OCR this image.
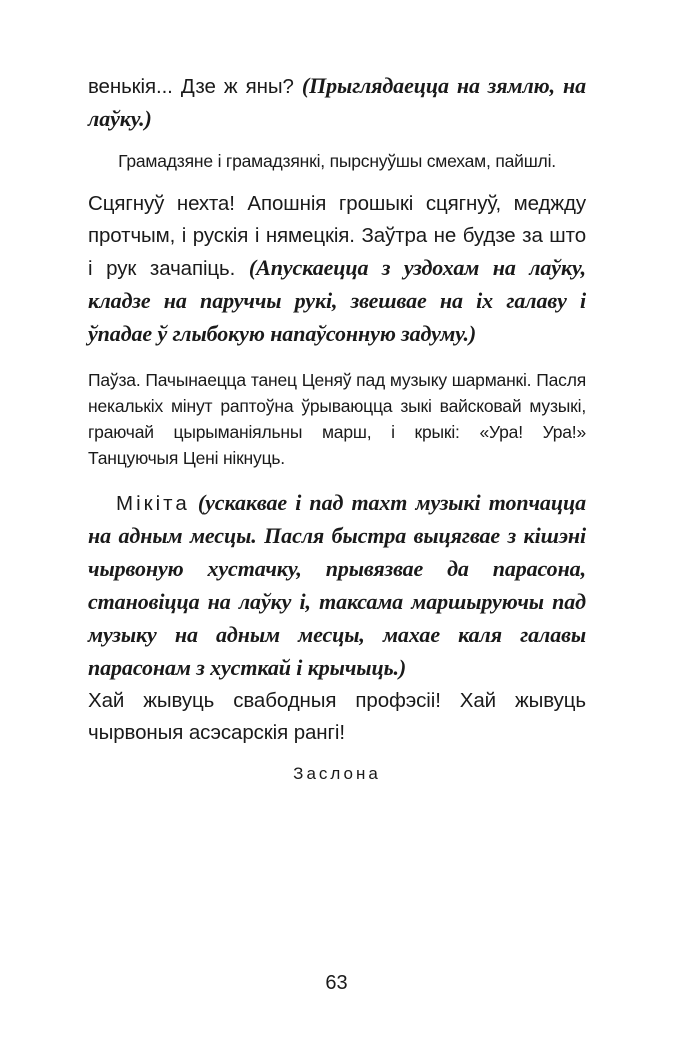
венькія... Дзе ж яны? (Прыглядаецца на зямлю, на лаўку.)

Грамадзяне і грамадзянкі, пырснуўшы смехам, пайшлі.

Сцягнуў нехта! Апошнія грошыкі сцягнуў, меджду протчым, і рускія і нямецкія. Заўтра не будзе за што і рук зачапіць. (Апускаецца з уздохам на лаўку, кладзе на паруччы рукі, звешвае на іх галаву і ўпадае ў глыбокую напаўсонную задуму.)

Паўза. Пачынаецца танец Ценяў пад музыку шарманкі. Пасля некалькіх мінут раптоўна ўрываюцца зыкі вайсковай музыкі, граючай цырыманіяльны марш, і крыкі: «Ура! Ура!» Танцуючыя Цені нікнуць.

Мікіта (ускаквае і пад тахт музыкі топчацца на адным месцы. Пасля быстра выцягвае з кішэні чырвоную хустачку, прывязвае да парасона, становіцца на лаўку і, таксама маршыруючы пад музыку на адным месцы, махае каля галавы парасонам з хусткай і крычыць.)

Хай жывуць свабодныя профэсіі! Хай жывуць чырвоныя асэсарскія рангі!

Заслона
63
